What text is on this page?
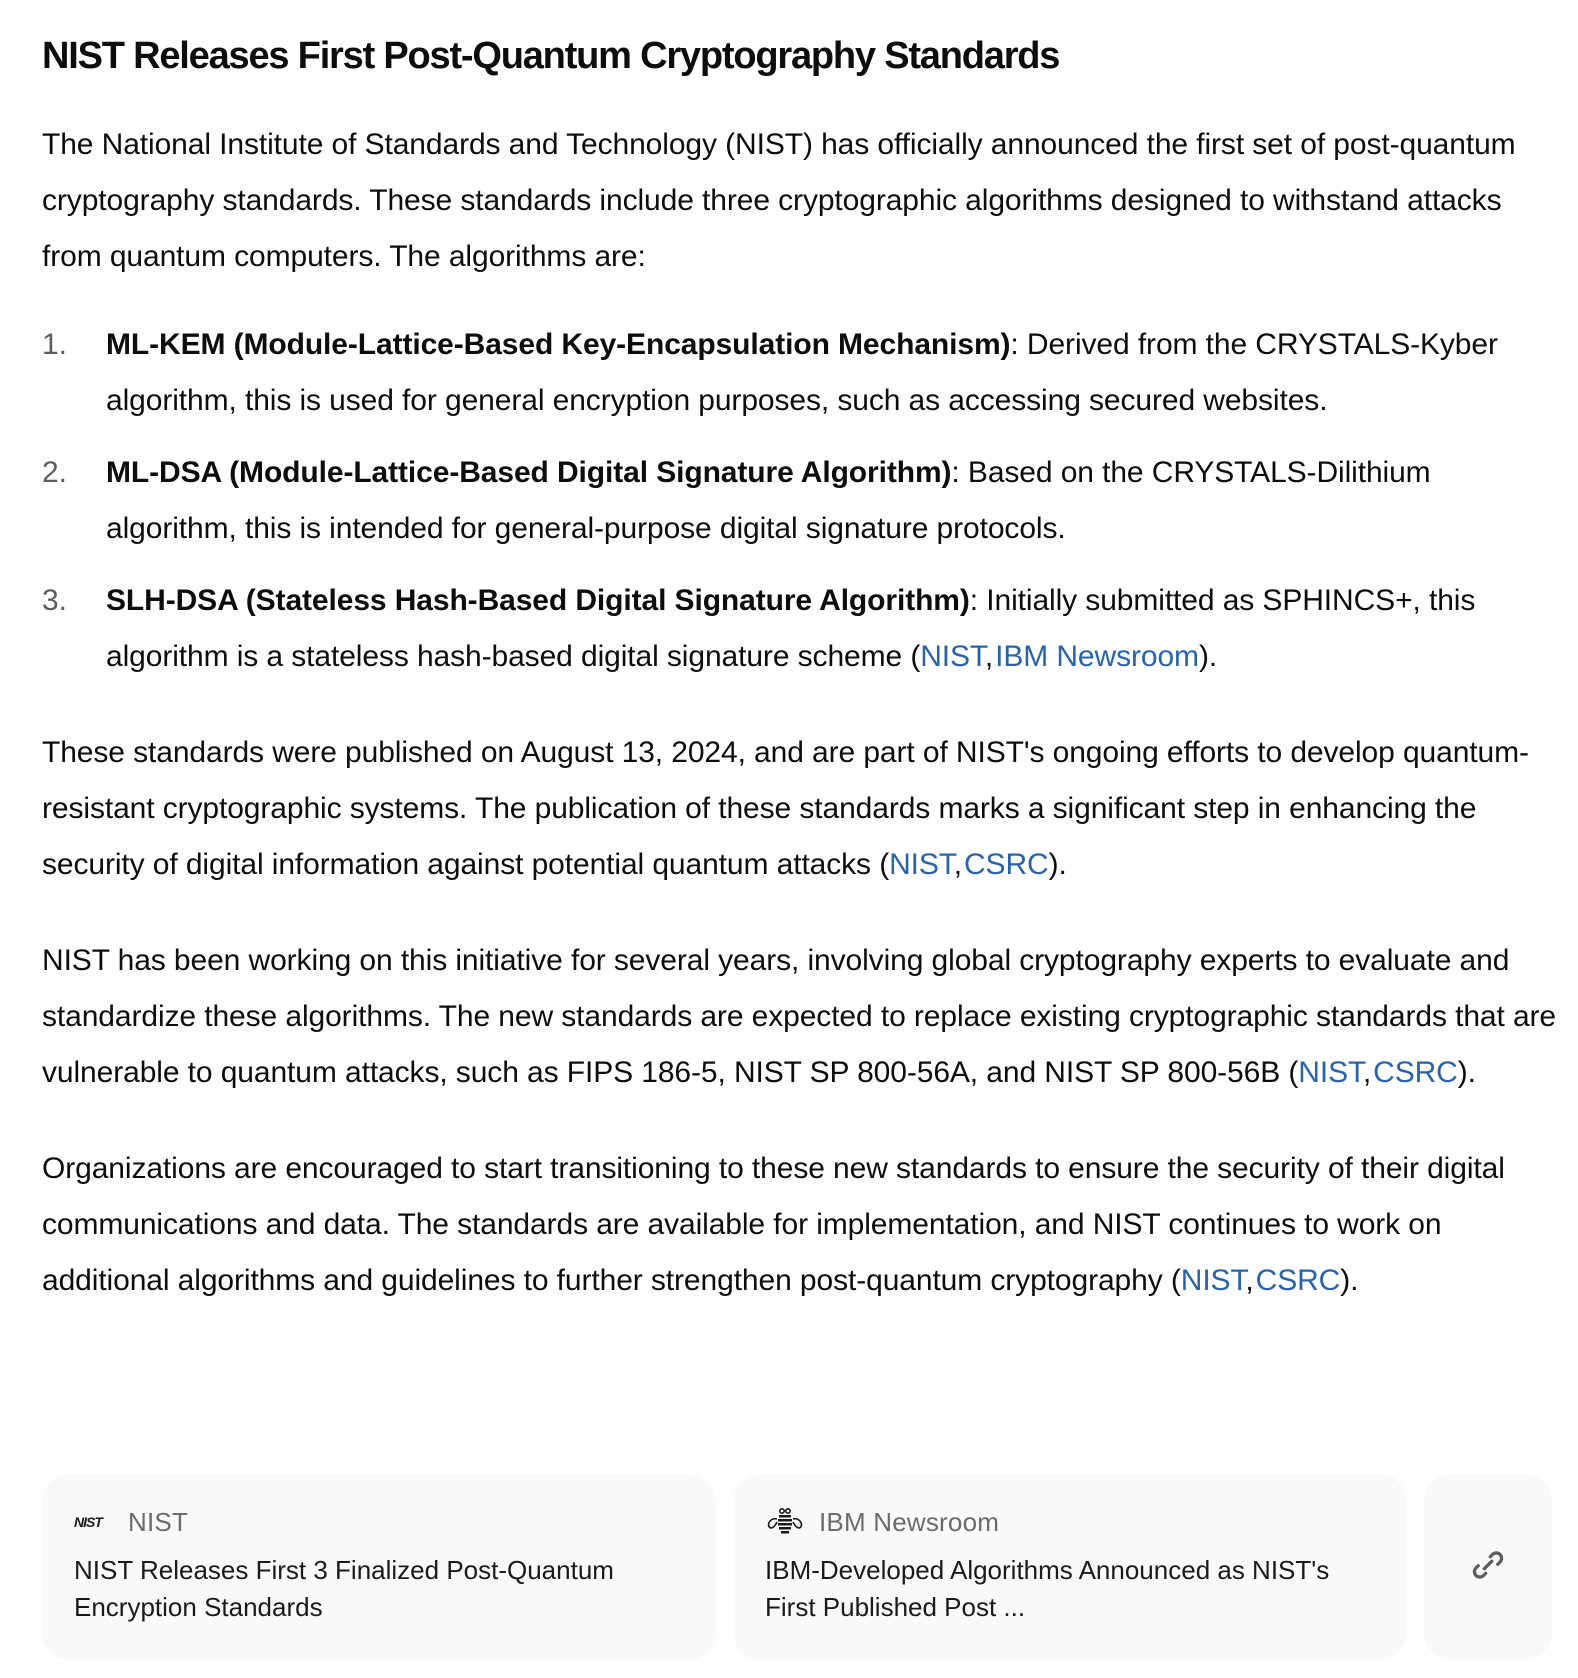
NIST Releases First Post-Quantum Cryptography Standards

The National Institute of Standards and Technology (NIST) has officially announced the first set of post-quantum cryptography standards. These standards include three cryptographic algorithms designed to withstand attacks from quantum computers. The algorithms are:

1. ML-KEM (Module-Lattice-Based Key-Encapsulation Mechanism): Derived from the CRYSTALS-Kyber algorithm, this is used for general encryption purposes, such as accessing secured websites.
2. ML-DSA (Module-Lattice-Based Digital Signature Algorithm): Based on the CRYSTALS-Dilithium algorithm, this is intended for general-purpose digital signature protocols.
3. SLH-DSA (Stateless Hash-Based Digital Signature Algorithm): Initially submitted as SPHINCS+, this algorithm is a stateless hash-based digital signature scheme (NIST,IBM Newsroom).

These standards were published on August 13, 2024, and are part of NIST's ongoing efforts to develop quantum-resistant cryptographic systems. The publication of these standards marks a significant step in enhancing the security of digital information against potential quantum attacks (NIST,CSRC).

NIST has been working on this initiative for several years, involving global cryptography experts to evaluate and standardize these algorithms. The new standards are expected to replace existing cryptographic standards that are vulnerable to quantum attacks, such as FIPS 186-5, NIST SP 800-56A, and NIST SP 800-56B (NIST,CSRC).

Organizations are encouraged to start transitioning to these new standards to ensure the security of their digital communications and data. The standards are available for implementation, and NIST continues to work on additional algorithms and guidelines to further strengthen post-quantum cryptography (NIST,CSRC).

NIST NIST
NIST Releases First 3 Finalized Post-Quantum Encryption Standards
IBM Newsroom
IBM-Developed Algorithms Announced as NIST's First Published Post ...
